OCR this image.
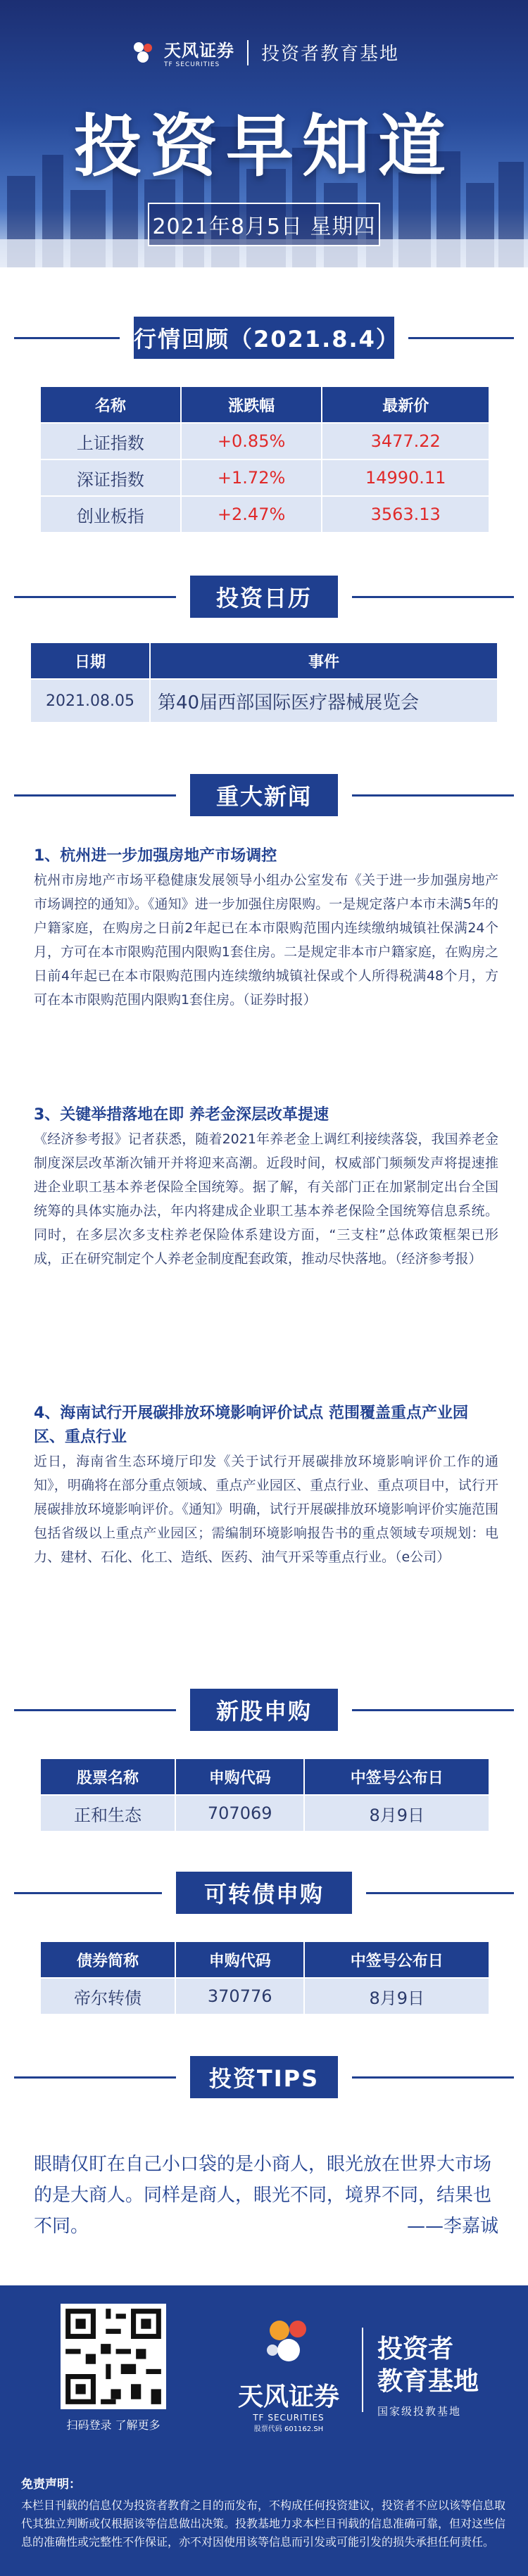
天风证券
TF SECURITIES	投资者教育基地
投资早知道
2021年8月5日 星期四
行情回顾（2021.8.4）
名称	涨跌幅	最新价
上证指数	+0.85%	3477.22
深证指数	+1.72%	14990.11
创业板指	+2.47%	3563.13
投资日历
日期	事件
2021.08.05	第40届西部国际医疗器械展览会
重大新闻
1、杭州进一步加强房地产市场调控

杭州市房地产市场平稳健康发展领导小组办公室发布《关于进一步加强房地产市场调控的通知》。《通知》进一步加强住房限购。一是规定落户本市未满5年的户籍家庭，在购房之日前2年起已在本市限购范围内连续缴纳城镇社保满24个月，方可在本市限购范围内限购1套住房。二是规定非本市户籍家庭，在购房之日前4年起已在本市限购范围内连续缴纳城镇社保或个人所得税满48个月，方可在本市限购范围内限购1套住房。（证券时报）

3、关键举措落地在即 养老金深层改革提速

《经济参考报》记者获悉，随着2021年养老金上调红利接续落袋，我国养老金制度深层改革渐次铺开并将迎来高潮。近段时间，权威部门频频发声将提速推进企业职工基本养老保险全国统筹。据了解，有关部门正在加紧制定出台全国统筹的具体实施办法，年内将建成企业职工基本养老保险全国统筹信息系统。同时，在多层次多支柱养老保险体系建设方面，“三支柱”总体政策框架已形成，正在研究制定个人养老金制度配套政策，推动尽快落地。（经济参考报）

4、海南试行开展碳排放环境影响评价试点 范围覆盖重点产业园区、重点行业

近日，海南省生态环境厅印发《关于试行开展碳排放环境影响评价工作的通知》，明确将在部分重点领域、重点产业园区、重点行业、重点项目中，试行开展碳排放环境影响评价。《通知》明确，试行开展碳排放环境影响评价实施范围包括省级以上重点产业园区；需编制环境影响报告书的重点领域专项规划：电力、建材、石化、化工、造纸、医药、油气开采等重点行业。（e公司）

新股申购
股票名称	申购代码	中签号公布日
正和生态	707069	8月9日
可转债申购
债券简称	申购代码	中签号公布日
帝尔转债	370776	8月9日
投资TIPS
眼睛仅盯在自己小口袋的是小商人，眼光放在世界大市场的是大商人。同样是商人，眼光不同，境界不同，结果也不同。	——李嘉诚
扫码登录 了解更多
天风证券
TF SECURITIES
股票代码 601162.SH
投资者
教育基地
国家级投教基地
免责声明：
本栏目刊载的信息仅为投资者教育之目的而发布，不构成任何投资建议，投资者不应以该等信息取代其独立判断或仅根据该等信息做出决策。投教基地力求本栏目刊载的信息准确可靠，但对这些信息的准确性或完整性不作保证，亦不对因使用该等信息而引发或可能引发的损失承担任何责任。
